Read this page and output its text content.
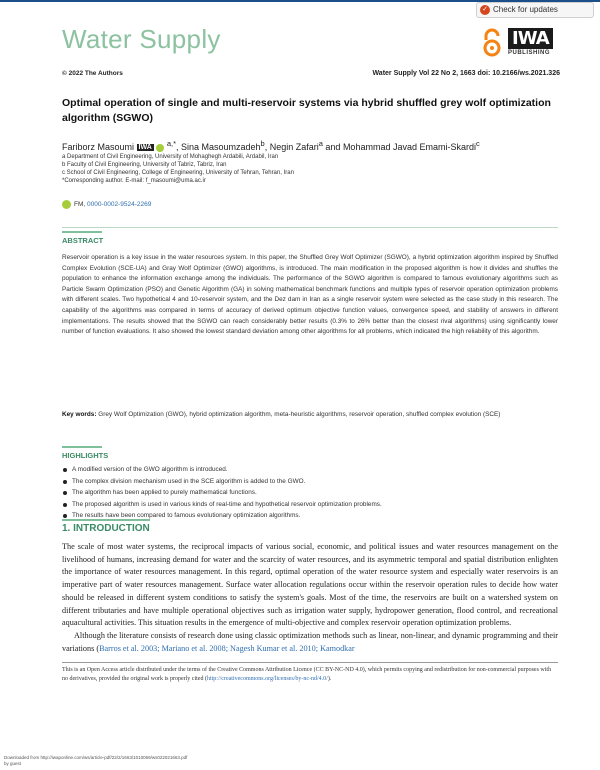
Water Supply
✓ Check for updates
IWA
PUBLISHING
© 2022 The Authors	Water Supply Vol 22 No 2, 1663 doi: 10.2166/ws.2021.326
Optimal operation of single and multi-reservoir systems via hybrid shuffled grey wolf optimization algorithm (SGWO)
Fariborz Masoumi IWA $^{a,*}$, Sina Masoumzadeh$^b$, Negin Zafari$^a$ and Mohammad Javad Emami-Skardi$^c$
a Department of Civil Engineering, University of Mohaghegh Ardabili, Ardabil, Iran
b Faculty of Civil Engineering, University of Tabriz, Tabriz, Iran
c School of Civil Engineering, College of Engineering, University of Tehran, Tehran, Iran
*Corresponding author. E-mail: f_masoumi@uma.ac.ir
FM, 0000-0002-9524-2269
ABSTRACT
Reservoir operation is a key issue in the water resources system. In this paper, the Shuffled Grey Wolf Optimizer (SGWO), a hybrid optimization algorithm inspired by Shuffled Complex Evolution (SCE-UA) and Gray Wolf Optimizer (GWO) algorithms, is introduced. The main modification in the proposed algorithm is how it divides and shuffles the population to enhance the information exchange among the individuals. The performance of the SGWO algorithm is compared to famous evolutionary algorithms such as Particle Swarm Optimization (PSO) and Genetic Algorithm (GA) in solving mathematical benchmark functions and multiple types of reservoir operation optimization problems with different scales. Two hypothetical 4 and 10-reservoir system, and the Dez dam in Iran as a single reservoir system were selected as the case study in this research. The capability of the algorithms was compared in terms of accuracy of derived optimum objective function values, convergence speed, and stability of answers in different implementations. The results showed that the SGWO can reach considerably better results (0.3% to 26% better than the closest rival algorithms) using significantly lower number of function evaluations. It also showed the lowest standard deviation among other algorithms for all problems, which indicated the high reliability of this algorithm.
Key words: Grey Wolf Optimization (GWO), hybrid optimization algorithm, meta-heuristic algorithms, reservoir operation, shuffled complex evolution (SCE)
HIGHLIGHTS
A modified version of the GWO algorithm is introduced.
The complex division mechanism used in the SCE algorithm is added to the GWO.
The algorithm has been applied to purely mathematical functions.
The proposed algorithm is used in various kinds of real-time and hypothetical reservoir optimization problems.
The results have been compared to famous evolutionary optimization algorithms.
1. INTRODUCTION

The scale of most water systems, the reciprocal impacts of various social, economic, and political issues and water resources management on the livelihood of humans, increasing demand for water and the scarcity of water resources, and its asymmetric temporal and spatial distribution enlighten the importance of water resources management. In this regard, optimal operation of the water resource system and especially water reservoirs is an imperative part of water resources management. Surface water allocation regulations occur within the reservoir operation rules to decide how water should be released in different system conditions to satisfy the system's goals. Most of the time, the reservoirs are built on a watershed system on different tributaries and have multiple operational objectives such as irrigation water supply, hydropower generation, flood control, and recreational aquacultural activities. This situation results in the emergence of multi-objective and complex reservoir operation optimization problems.

Although the literature consists of research done using classic optimization methods such as linear, non-linear, and dynamic programming and their variations (Barros et al. 2003; Mariano et al. 2008; Nagesh Kumar et al. 2010; Kamodkar

This is an Open Access article distributed under the terms of the Creative Commons Attribution Licence (CC BY-NC-ND 4.0), which permits copying and redistribution for non-commercial purposes with no derivatives, provided the original work is properly cited (http://creativecommons.org/licenses/by-nc-nd/4.0/).
Downloaded from http://iwaponline.com/ws/article-pdf/22/2/1663/1010069/ws022021663.pdf
by guest
